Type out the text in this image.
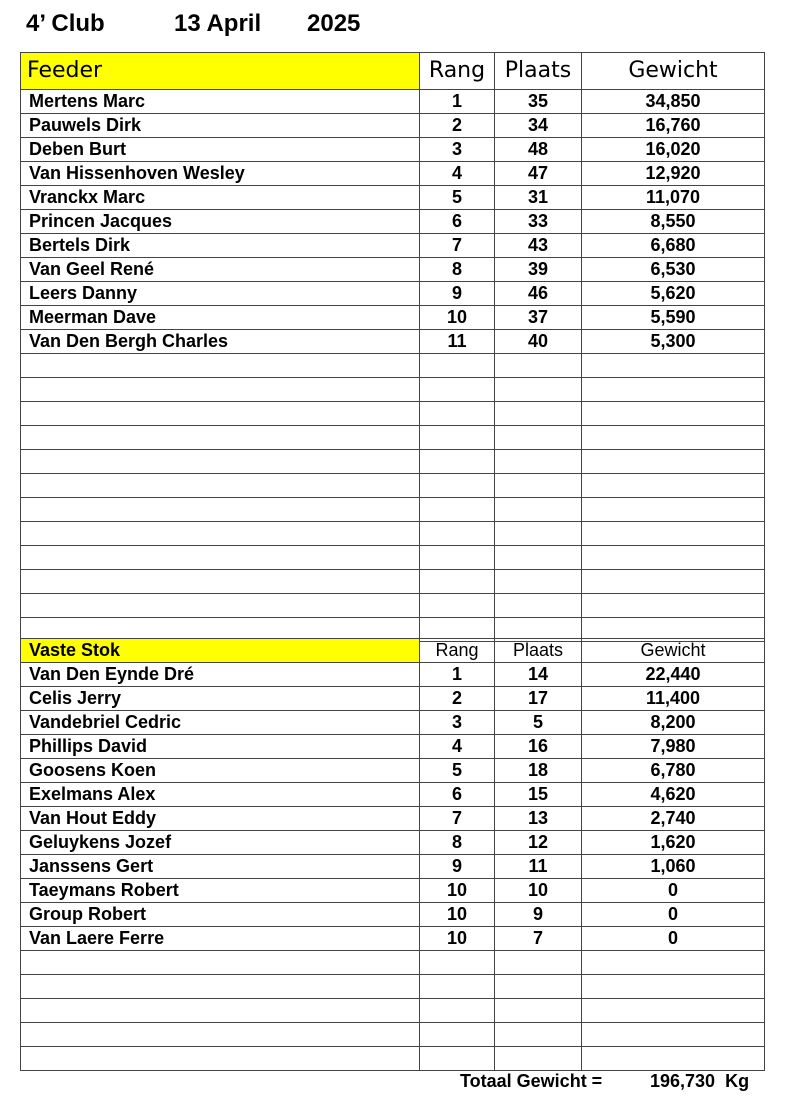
4’ Club	13 April 2025
Feeder	Rang	Plaats	Gewicht
Mertens Marc	1	35	34,850
Pauwels Dirk	2	34	16,760
Deben Burt	3	48	16,020
Van Hissenhoven Wesley	4	47	12,920
Vranckx Marc	5	31	11,070
Princen Jacques	6	33	8,550
Bertels Dirk	7	43	6,680
Van Geel René	8	39	6,530
Leers Danny	9	46	5,620
Meerman Dave	10	37	5,590
Van Den Bergh Charles	11	40	5,300

Vaste Stok	Rang	Plaats	Gewicht
Van Den Eynde Dré	1	14	22,440
Celis Jerry	2	17	11,400
Vandebriel Cedric	3	5	8,200
Phillips David	4	16	7,980
Goosens Koen	5	18	6,780
Exelmans Alex	6	15	4,620
Van Hout Eddy	7	13	2,740
Geluykens Jozef	8	12	1,620
Janssens Gert	9	11	1,060
Taeymans Robert	10	10	0
Group Robert	10	9	0
Van Laere Ferre	10	7	0

Totaal Gewicht =	196,730 Kg
